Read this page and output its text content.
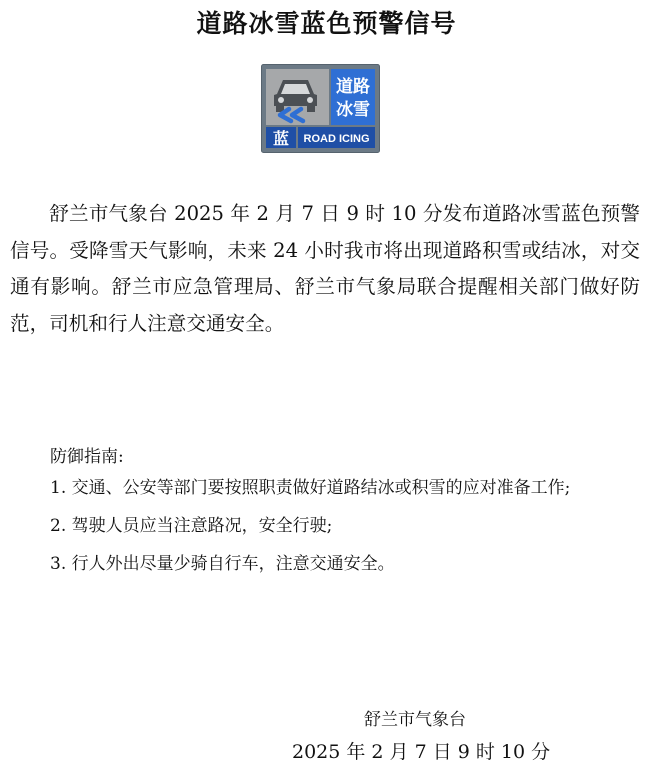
道路冰雪蓝色预警信号
道路
冰雪
蓝 ROAD ICING
舒兰市气象台 2025 年 2 月 7 日 9 时 10 分发布道路冰雪蓝色预警信号。受降雪天气影响，未来 24 小时我市将出现道路积雪或结冰，对交通有影响。舒兰市应急管理局、舒兰市气象局联合提醒相关部门做好防范，司机和行人注意交通安全。
防御指南:
1. 交通、公安等部门要按照职责做好道路结冰或积雪的应对准备工作;
2. 驾驶人员应当注意路况，安全行驶;
3. 行人外出尽量少骑自行车，注意交通安全。
舒兰市气象台
2025 年 2 月 7 日 9 时 10 分
